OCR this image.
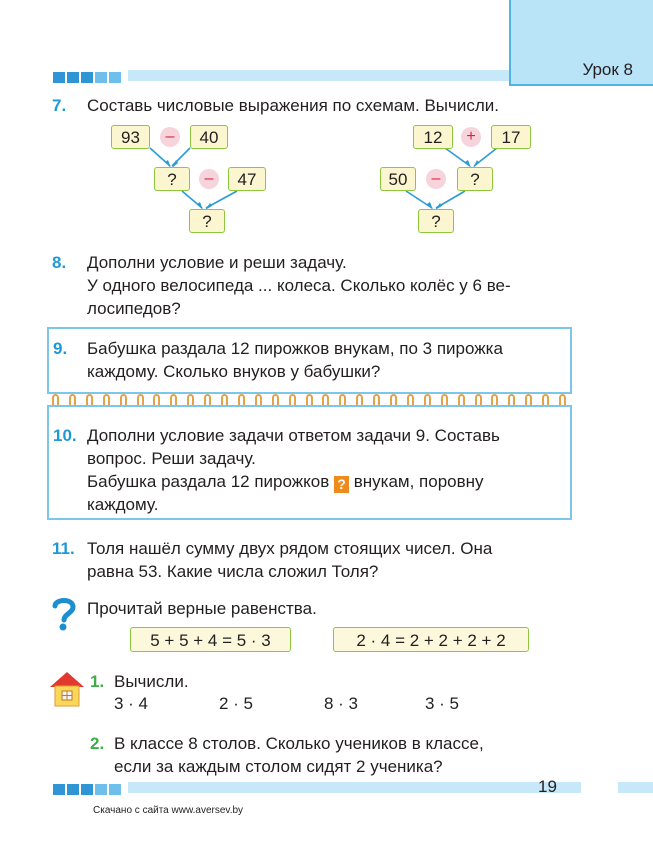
Урок 8
7. Составь числовые выражения по схемам. Вычисли.
93	–	40
?	–	47
?
12	+	17
50	–	?
?
8. Дополни условие и реши задачу.
У одного велосипеда ... колеса. Сколько колёс у 6 ве-
лосипедов?
9. Бабушка раздала 12 пирожков внукам, по 3 пирожка
каждому. Сколько внуков у бабушки?
10. Дополни условие задачи ответом задачи 9. Составь
вопрос. Реши задачу.
Бабушка раздала 12 пирожков ? внукам, поровну
каждому.
11. Толя нашёл сумму двух рядом стоящих чисел. Она
равна 53. Какие числа сложил Толя?
Прочитай верные равенства.
5 + 5 + 4 = 5 · 3	2 · 4 = 2 + 2 + 2 + 2
1. Вычисли.
3 · 4	2 · 5	8 · 3	3 · 5
2. В классе 8 столов. Сколько учеников в классе,
если за каждым столом сидят 2 ученика?
19
Скачано с сайта www.aversev.by
